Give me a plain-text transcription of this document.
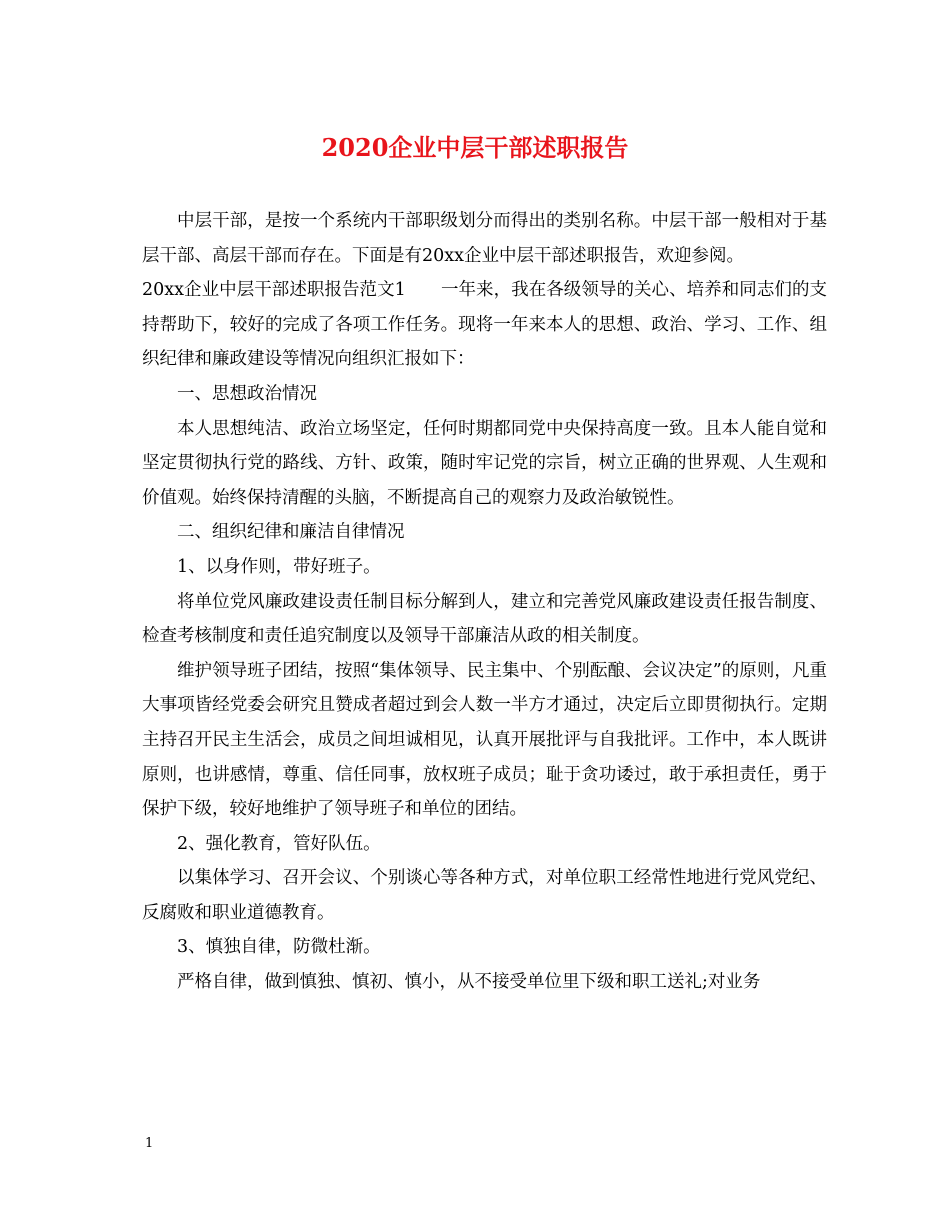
2020企业中层干部述职报告

中层干部，是按一个系统内干部职级划分而得出的类别名称。中层干部一般相对于基层干部、高层干部而存在。下面是有20xx企业中层干部述职报告，欢迎参阅。

20xx企业中层干部述职报告范文1　　一年来，我在各级领导的关心、培养和同志们的支持帮助下，较好的完成了各项工作任务。现将一年来本人的思想、政治、学习、工作、组织纪律和廉政建设等情况向组织汇报如下：

一、思想政治情况

本人思想纯洁、政治立场坚定，任何时期都同党中央保持高度一致。且本人能自觉和坚定贯彻执行党的路线、方针、政策，随时牢记党的宗旨，树立正确的世界观、人生观和价值观。始终保持清醒的头脑，不断提高自己的观察力及政治敏锐性。

二、组织纪律和廉洁自律情况

1、以身作则，带好班子。

将单位党风廉政建设责任制目标分解到人，建立和完善党风廉政建设责任报告制度、检查考核制度和责任追究制度以及领导干部廉洁从政的相关制度。

维护领导班子团结，按照“集体领导、民主集中、个别酝酿、会议决定”的原则，凡重大事项皆经党委会研究且赞成者超过到会人数一半方才通过，决定后立即贯彻执行。定期主持召开民主生活会，成员之间坦诚相见，认真开展批评与自我批评。工作中，本人既讲原则，也讲感情，尊重、信任同事，放权班子成员；耻于贪功诿过，敢于承担责任，勇于保护下级，较好地维护了领导班子和单位的团结。

2、强化教育，管好队伍。

以集体学习、召开会议、个别谈心等各种方式，对单位职工经常性地进行党风党纪、反腐败和职业道德教育。

3、慎独自律，防微杜渐。

严格自律，做到慎独、慎初、慎小，从不接受单位里下级和职工送礼;对业务

1
